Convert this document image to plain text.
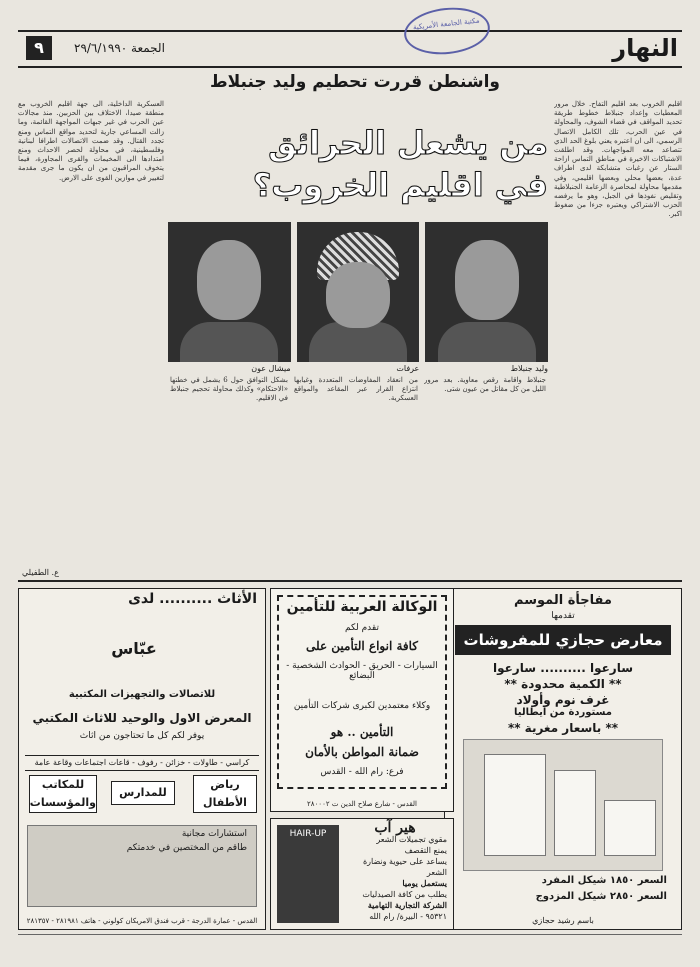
النهار
الجمعة ٢٩/٦/١٩٩٠
٩
مكتبة الجامعة الأمريكية
واشنطن قررت تحطيم وليد جنبلاط
من يشعل الحرائق
في اقليم الخروب؟
اقليم الخروب بعد اقليم التفاح. خلال مرور المعطيات وإعداد جنبلاط خطوط طريقة تحديد المواقف في قضاء الشوف، والمحاولة في عين الحرب، تلك الكامل الاتصال الرسمي، الى ان اعتبره يعني بلوغ الحد الذي تتصاعد معه المواجهات. وقد اطلقت الاشتباكات الاخيرة في مناطق التماس ازاحة الستار عن رغبات متشابكة لدى اطراف عدة، بعضها محلي وبعضها اقليمي، وفي مقدمها محاولة لمحاصرة الزعامة الجنبلاطية وتقليص نفوذها في الجبل، وهو ما يرفضه الحزب الاشتراكي ويعتبره جزءا من ضغوط اكبر.
العسكرية الداخلية، الى جهة اقليم الخروب مع منطقة صيدا، الاختلاف بين الحزبين. منذ مجالات عين الحرب في غير جبهات المواجهة القائمة، وما زالت المساعي جارية لتحديد مواقع التماس ومنع تجدد القتال. وقد ضمت الاتصالات اطرافا لبنانية وفلسطينية، في محاولة لحصر الاحداث ومنع امتدادها الى المخيمات والقرى المجاورة، فيما يتخوف المراقبون من ان يكون ما جرى مقدمة لتغيير في موازين القوى على الارض.
وليد جنبلاط
عرفات
ميشال عون
جنبلاط واقامة رقص معاوية. بعد مرور الليل من كل مقاتل من عيون شتى.
من انعقاد المفاوضات المتعددة وغيابها انتزاع القرار عبر المقاعد والمواقع العسكرية.
بشكل التوافق حول 6 يشمل في خطتها «الاحتكام» وكذلك محاولة تحجيم جنبلاط في الاقليم.
ع. الطفيلي
مفاجأة الموسم
تقدمها
معارض حجازي للمفروشات
سارعوا .......... سارعوا
** الكمية محدودة **
غرف نوم وأولاد
مستوردة من ايطاليا
** باسعار مغرية **
السعر ١٨٥٠ شيكل المفرد
السعر ٢٨٥٠ شيكل المزدوج
باسم رشيد حجازي
الوكالة العربية للتأمين
تقدم لكم
كافة انواع التأمين على
السيارات - الحريق - الحوادث الشخصية - البضائع
وكلاء معتمدين لكبرى شركات التأمين
التأمين .. هو
ضمانة المواطن بالأمان
فرع: رام الله - القدس
القدس - شارع صلاح الدين ت ٢٨٠٠٠٢
HAIR-UP	هير آب
مقوي تجميلات الشعر
يمنع التقصف
يساعد على حيوية ونضارة الشعر
يستعمل يوميا
يطلب من كافة الصيدليات
الشركة التجارية التهامية
٩٥٣٢١ - البيرة/ رام الله
الأثاث .......... لدى
عبّاس
للاتصالات والتجهيزات المكتبية
المعرض الاول والوحيد للاثاث المكتبي
يوفر لكم كل ما تحتاجون من اثاث
كراسي - طاولات - خزائن - رفوف - قاعات اجتماعات وقاعة عامة
رياض الأطفال
للمدارس
للمكاتب والمؤسسات
استشارات مجانية
طاقم من المختصين في خدمتكم
القدس - عمارة الدرجة - قرب فندق الامريكان كولوني - هاتف ٢٨١٩٨١ - ٢٨١٣٥٧
